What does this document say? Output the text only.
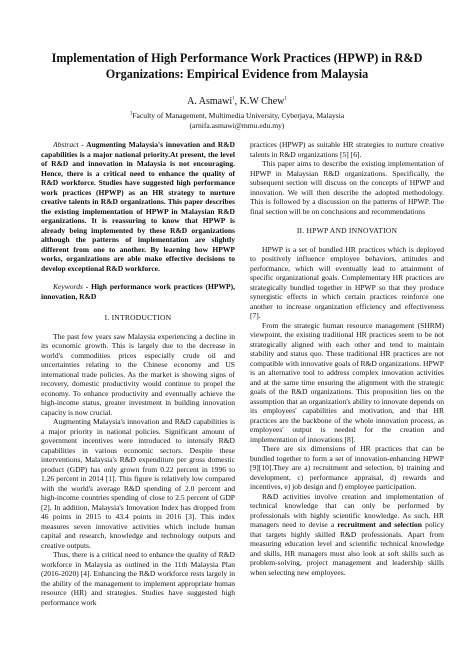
Implementation of High Performance Work Practices (HPWP) in R&D Organizations: Empirical Evidence from Malaysia
A. Asmawi$^1$, K.W Chew$^1$
$^1$Faculty of Management, Multimedia University, Cyberjaya, Malaysia
(arnifa.asmawi@mmu.edu.my)

Abstract - Augmenting Malaysia's innovation and R&D capabilities is a major national priority.At present, the level of R&D and innovation in Malaysia is not encouraging. Hence, there is a critical need to enhance the quality of R&D workforce. Studies have suggested high performance work practices (HPWP) as an HR strategy to nurture creative talents in R&D organizations. This paper describes the existing implementation of HPWP in Malaysian R&D organizations. It is reassuring to know that HPWP is already being implemented by these R&D organizations although the patterns of implementation are slightly different from one to another. By learning how HPWP works, organizations are able make effective decisions to develop exceptional R&D workforce.

Keywords - High performance work practices (HPWP), innovation, R&D

I. INTRODUCTION

The past few years saw Malaysia experiencing a decline in its economic growth. This is largely due to the decrease in world's commodities prices especially crude oil and uncertainties relating to the Chinese economy and US international trade policies. As the market is showing signs of recovery, domestic productivity would continue to propel the economy. To enhance productivity and eventually achieve the high-income status, greater investment in building innovation capacity is now crucial.

Augmenting Malaysia's innovation and R&D capabilities is a major priority in national policies. Significant amount of government incentives were introduced to intensify R&D capabilities in various economic sectors. Despite these interventions, Malaysia's R&D expenditure per gross domestic product (GDP) has only grown from 0.22 percent in 1996 to 1.26 percent in 2014 [1]. This figure is relatively low compared with the world's average R&D spending of 2.0 percent and high-income countries spending of close to 2.5 percent of GDP [2]. In addition, Malaysia's Innovation Index has dropped from 46 points in 2015 to 43.4 points in 2016 [3]. This index measures seven innovative activities which include human capital and research, knowledge and technology outputs and creative outputs.

Thus, there is a critical need to enhance the quality of R&D workforce in Malaysia as outlined in the 11th Malaysia Plan (2016-2020) [4]. Enhancing the R&D workforce rests largely in the ability of the management to implement appropriate human resource (HR) and strategies. Studies have suggested high performance work

practices (HPWP) as suitable HR strategies to nurture creative talents in R&D organizations [5] [6].

This paper aims to describe the existing implementation of HPWP in Malaysian R&D organizations. Specifically, the subsequent section will discuss on the concepts of HPWP and innovation. We will then describe the adopted methodology. This is followed by a discussion on the patterns of HPWP. The final section will be on conclusions and recommendations

II. HPWP AND INNOVATION

HPWP is a set of bundled HR practices which is deployed to positively influence employee behaviors, attitudes and performance, which will eventually lead to attainment of specific organizational goals. Complementary HR practices are strategically bundled together in HPWP so that they produce synergistic effects in which certain practices reinforce one another to increase organization efficiency and effectiveness [7].

From the strategic human resource management (SHRM) viewpoint, the existing traditional HR practices seem to be not strategically aligned with each other and tend to maintain stability and status quo. These traditional HR practices are not compatible with innovative goals of R&D organizations. HPWP is an alternative tool to address complex innovation activities and at the same time ensuring the alignment with the strategic goals of the R&D organizations. This proposition lies on the assumption that an organization's ability to innovate depends on its employees' capabilities and motivation, and that HR practices are the backbone of the whole innovation process, as employees' output is needed for the creation and implementation of innovations [8].

There are six dimensions of HR practices that can be bundled together to form a set of innovation-enhancing HPWP [9][10].They are a) recruitment and selection, b) training and development, c) performance appraisal, d) rewards and incentives, e) job design and f) employee participation.

R&D activities involve creation and implementation of technical knowledge that can only be performed by professionals with highly scientific knowledge. As such, HR managers need to devise a recruitment and selection policy that targets highly skilled R&D professionals. Apart from measuring education level and scientific technical knowledge and skills, HR managers must also look at soft skills such as problem-solving, project management and leadership skills when selecting new employees.
